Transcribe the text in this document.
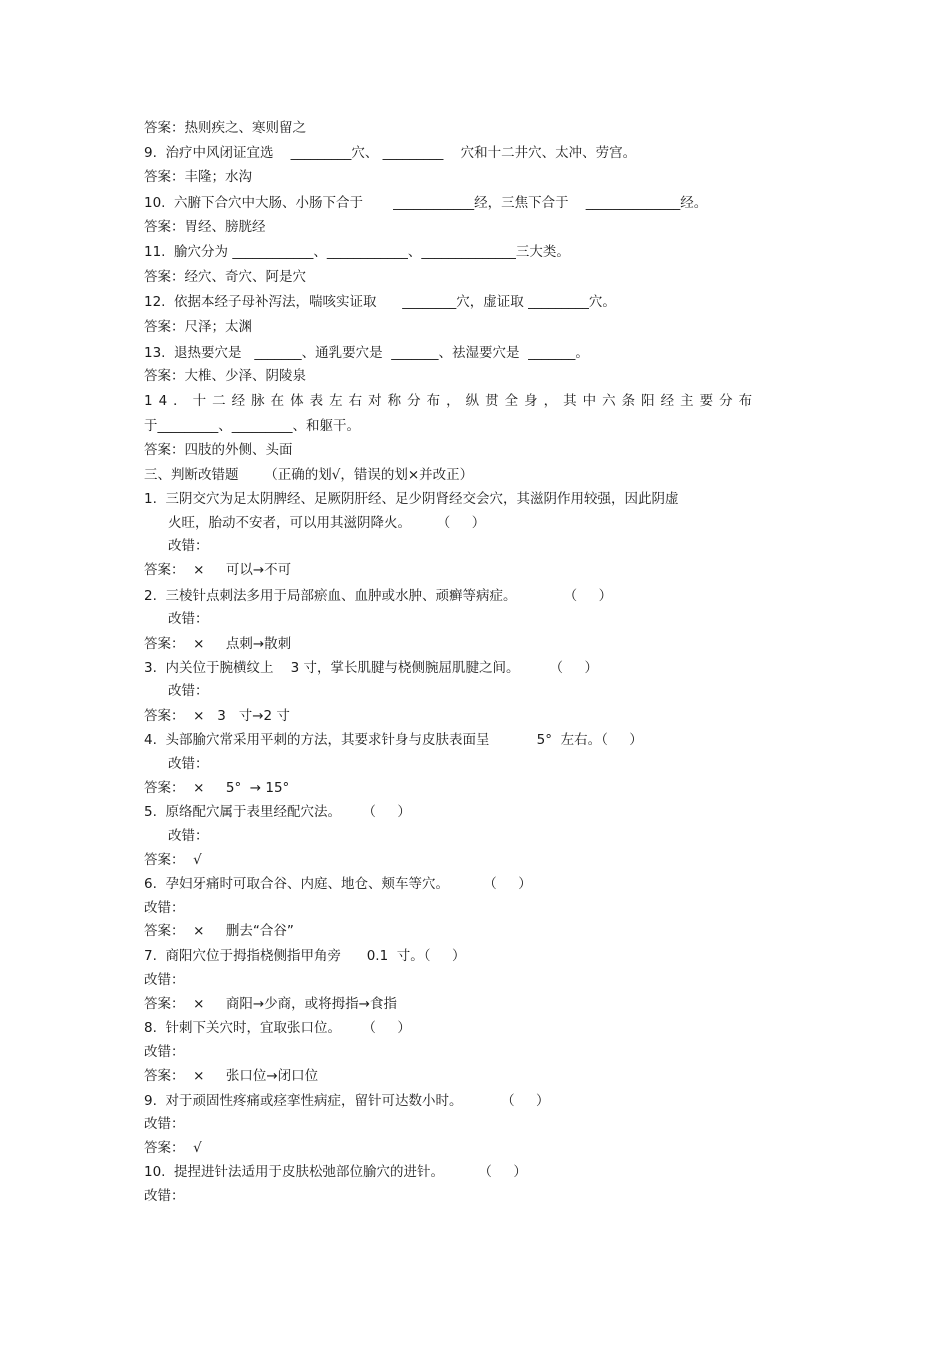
答案：热则疾之、寒则留之
9.  治疗中风闭证宜选    _________穴、 _________    穴和十二井穴、太冲、劳宫。
答案：丰隆；水沟
10.  六腑下合穴中大肠、小肠下合于       ____________经，三焦下合于    ______________经。
答案：胃经、膀胱经
11.  腧穴分为 ____________、____________、______________三大类。
答案：经穴、奇穴、阿是穴
12.  依据本经子母补泻法，喘咳实证取      ________穴，虚证取 _________穴。
答案：尺泽；太渊
13.  退热要穴是   _______、通乳要穴是  _______、祛湿要穴是  _______。
答案：大椎、少泽、阴陵泉
14．十二经脉在体表左右对称分布，纵贯全身，其中六条阳经主要分布
于_________、_________、和躯干。
答案：四肢的外侧、头面
三、判断改错题      （正确的划√，错误的划×并改正）
1.  三阴交穴为足太阴脾经、足厥阴肝经、足少阴肾经交会穴，其滋阴作用较强，因此阴虚
火旺，胎动不安者，可以用其滋阴降火。      （     ）
改错：
答案：  ×     可以→不可
2.  三棱针点刺法多用于局部瘀血、血肿或水肿、顽癣等病症。           （     ）
改错：
答案：  ×     点刺→散刺
3.  内关位于腕横纹上    3 寸，掌长肌腱与桡侧腕屈肌腱之间。       （     ）
改错：
答案：  ×   3   寸→2 寸
4.  头部腧穴常采用平刺的方法，其要求针身与皮肤表面呈           5°  左右。（     ）
改错：
答案：  ×     5°  → 15°
5.  原络配穴属于表里经配穴法。     （     ）
改错：
答案：  √
6.  孕妇牙痛时可取合谷、内庭、地仓、颊车等穴。        （     ）
改错：
答案：  ×     删去“合谷”
7.  商阳穴位于拇指桡侧指甲角旁      0.1  寸。（     ）
改错：
答案：  ×     商阳→少商，或将拇指→食指
8.  针刺下关穴时，宜取张口位。     （     ）
改错：
答案：  ×     张口位→闭口位
9.  对于顽固性疼痛或痉挛性病症，留针可达数小时。         （     ）
改错：
答案：  √
10.  提捏进针法适用于皮肤松弛部位腧穴的进针。        （     ）
改错：
